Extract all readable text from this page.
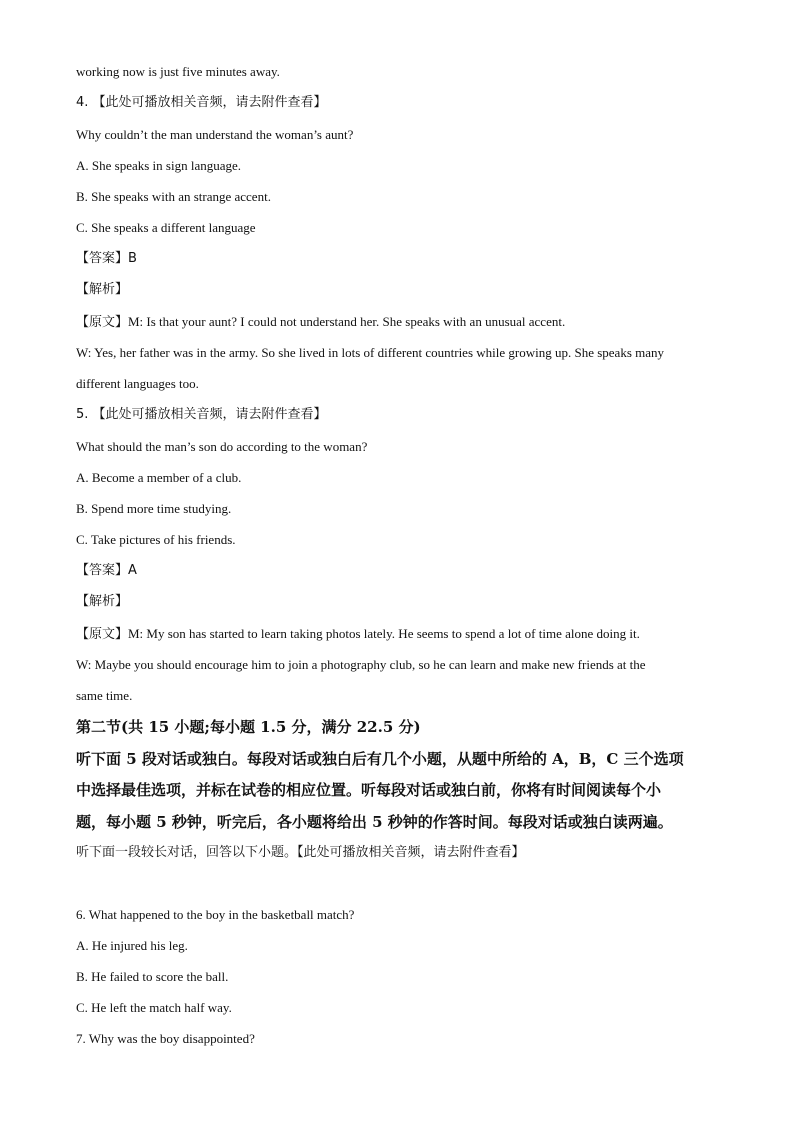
working now is just five minutes away.
4. 【此处可播放相关音频，请去附件查看】
Why couldn’t the man understand the woman’s aunt?
A. She speaks in sign language.
B. She speaks with an strange accent.
C. She speaks a different language
【答案】B
【解析】
【原文】M: Is that your aunt? I could not understand her. She speaks with an unusual accent.
W: Yes, her father was in the army. So she lived in lots of different countries while growing up. She speaks many
different languages too.
5. 【此处可播放相关音频，请去附件查看】
What should the man’s son do according to the woman?
A. Become a member of a club.
B. Spend more time studying.
C. Take pictures of his friends.
【答案】A
【解析】
【原文】M: My son has started to learn taking photos lately. He seems to spend a lot of time alone doing it.
W: Maybe you should encourage him to join a photography club, so he can learn and make new friends at the
same time.
第二节(共 15 小题;每小题 1.5 分，满分 22.5 分)
听下面 5 段对话或独白。每段对话或独白后有几个小题，从题中所给的 A，B，C 三个选项
中选择最佳选项，并标在试卷的相应位置。听每段对话或独白前，你将有时间阅读每个小
题，每小题 5 秒钟，听完后，各小题将给出 5 秒钟的作答时间。每段对话或独白读两遍。
听下面一段较长对话，回答以下小题。【此处可播放相关音频，请去附件查看】
6. What happened to the boy in the basketball match?
A. He injured his leg.
B. He failed to score the ball.
C. He left the match half way.
7. Why was the boy disappointed?
